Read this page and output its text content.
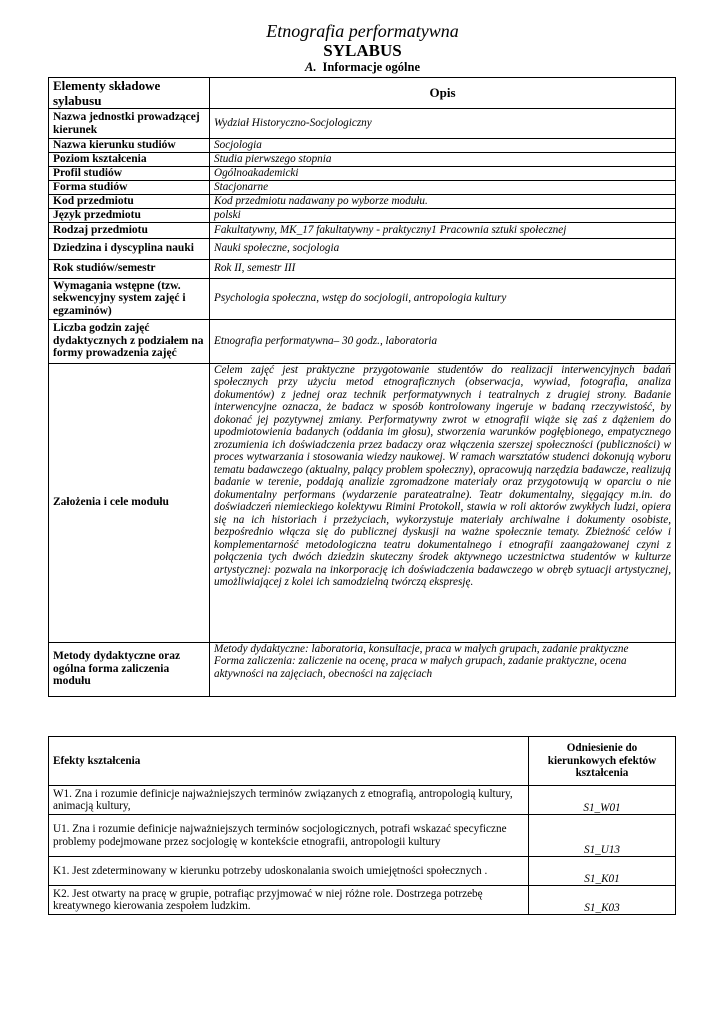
Etnografia performatywna
SYLABUS
A. Informacje ogólne
Elementy składowe sylabusu	Opis
Nazwa jednostki prowadzącej kierunek	Wydział Historyczno-Socjologiczny
Nazwa kierunku studiów	Socjologia
Poziom kształcenia	Studia pierwszego stopnia
Profil studiów	Ogólnoakademicki
Forma studiów	Stacjonarne
Kod przedmiotu	Kod przedmiotu nadawany po wyborze modułu.
Język przedmiotu	polski
Rodzaj przedmiotu	Fakultatywny, MK_17 fakultatywny - praktyczny1 Pracownia sztuki społecznej
Dziedzina i dyscyplina nauki	Nauki społeczne, socjologia
Rok studiów/semestr	Rok II, semestr III
Wymagania wstępne (tzw. sekwencyjny system zajęć i egzaminów)	Psychologia społeczna, wstęp do socjologii, antropologia kultury
Liczba godzin zajęć dydaktycznych z podziałem na formy prowadzenia zajęć	Etnografia performatywna– 30 godz., laboratoria
Założenia i cele modułu	Celem zajęć jest praktyczne przygotowanie studentów do realizacji interwencyjnych badań społecznych przy użyciu metod etnograficznych (obserwacja, wywiad, fotografia, analiza dokumentów) z jednej oraz technik performatywnych i teatralnych z drugiej strony. Badanie interwencyjne oznacza, że badacz w sposób kontrolowany ingeruje w badaną rzeczywistość, by dokonać jej pozytywnej zmiany. Performatywny zwrot w etnografii wiąże się zaś z dążeniem do upodmiotowienia badanych (oddania im głosu), stworzenia warunków pogłębionego, empatycznego zrozumienia ich doświadczenia przez badaczy oraz włączenia szerszej społeczności (publiczności) w proces wytwarzania i stosowania wiedzy naukowej. W ramach warsztatów studenci dokonują wyboru tematu badawczego (aktualny, palący problem społeczny), opracowują narzędzia badawcze, realizują badanie w terenie, poddają analizie zgromadzone materiały oraz przygotowują w oparciu o nie dokumentalny performans (wydarzenie parateatralne). Teatr dokumentalny, sięgający m.in. do doświadczeń niemieckiego kolektywu Rimini Protokoll, stawia w roli aktorów zwykłych ludzi, opiera się na ich historiach i przeżyciach, wykorzystuje materiały archiwalne i dokumenty osobiste, bezpośrednio włącza się do publicznej dyskusji na ważne społecznie tematy. Zbieżność celów i komplementarność metodologiczna teatru dokumentalnego i etnografii zaangażowanej czyni z połączenia tych dwóch dziedzin skuteczny środek aktywnego uczestnictwa studentów w kulturze artystycznej: pozwala na inkorporację ich doświadczenia badawczego w obręb sytuacji artystycznej, umożliwiającej z kolei ich samodzielną twórczą ekspresję.
Metody dydaktyczne oraz ogólna forma zaliczenia modułu	Metody dydaktyczne: laboratoria, konsultacje, praca w małych grupach, zadanie praktyczne
Forma zaliczenia: zaliczenie na ocenę, praca w małych grupach, zadanie praktyczne, ocena aktywności na zajęciach, obecności na zajęciach
Efekty kształcenia	Odniesienie do kierunkowych efektów kształcenia
W1. Zna i rozumie definicje najważniejszych terminów związanych z etnografią, antropologią kultury, animacją kultury,	S1_W01
U1. Zna i rozumie definicje najważniejszych terminów socjologicznych, potrafi wskazać specyficzne problemy podejmowane przez socjologię w kontekście etnografii, antropologii kultury	S1_U13
K1. Jest zdeterminowany w kierunku potrzeby udoskonalania swoich umiejętności społecznych .	S1_K01
K2. Jest otwarty na pracę w grupie, potrafiąc przyjmować w niej różne role. Dostrzega potrzebę kreatywnego kierowania zespołem ludzkim.	S1_K03
